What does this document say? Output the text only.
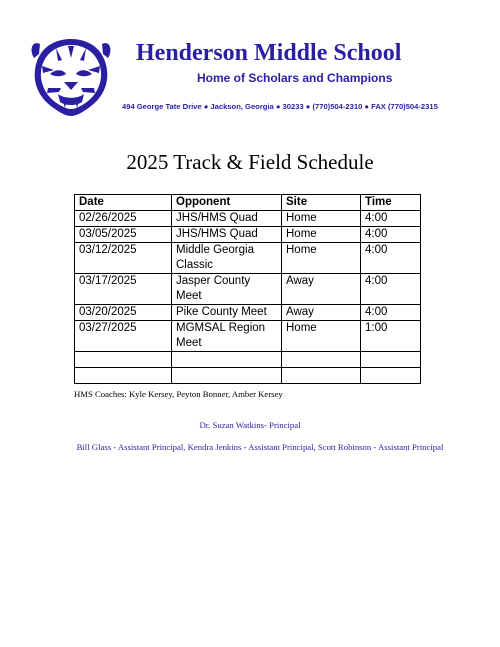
Henderson Middle School
Home of Scholars and Champions
494 George Tate Drive ● Jackson, Georgia ● 30233 ● (770)504-2310 ● FAX (770)504-2315
2025 Track & Field Schedule
Date	Opponent	Site	Time
02/26/2025	JHS/HMS Quad	Home	4:00
03/05/2025	JHS/HMS Quad	Home	4:00
03/12/2025	Middle Georgia Classic	Home	4:00
03/17/2025	Jasper County Meet	Away	4:00
03/20/2025	Pike County Meet	Away	4:00
03/27/2025	MGMSAL Region Meet	Home	1:00

HMS Coaches: Kyle Kersey, Peyton Bonner, Amber Kersey
Dr. Suzan Watkins- Principal
Bill Glass - Assistant Principal, Kendra Jenkins - Assistant Principal, Scott Robinson - Assistant Principal
